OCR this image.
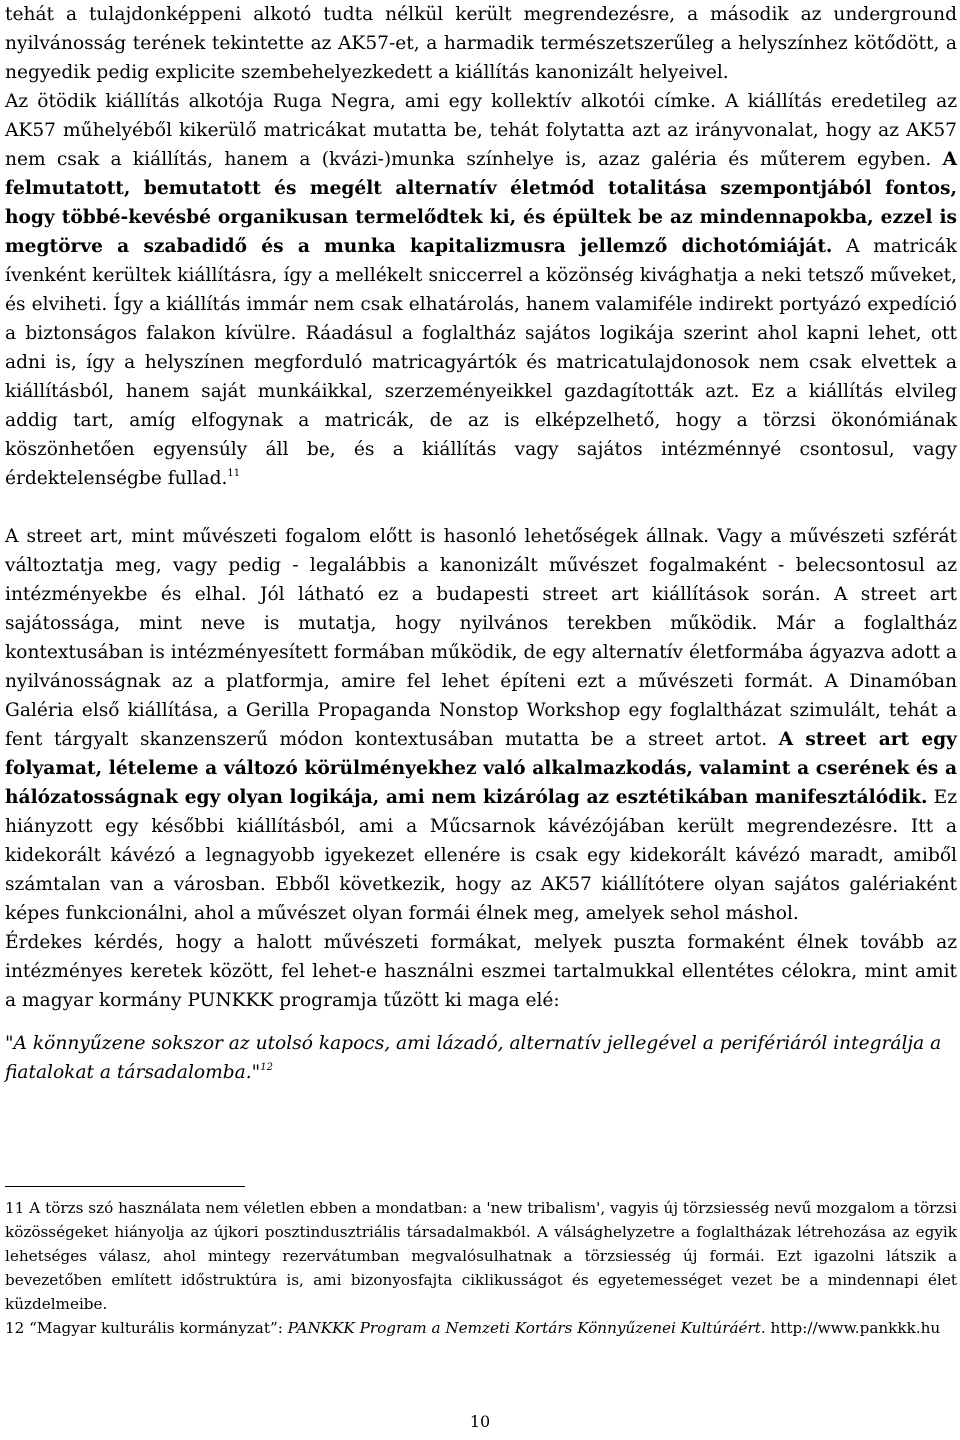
tehát a tulajdonképpeni alkotó tudta nélkül került megrendezésre, a második az underground nyilvánosság terének tekintette az AK57-et, a harmadik természetszerűleg a helyszínhez kötődött, a negyedik pedig explicite szembehelyezkedett a kiállítás kanonizált helyeivel.

Az ötödik kiállítás alkotója Ruga Negra, ami egy kollektív alkotói címke. A kiállítás eredetileg az AK57 műhelyéből kikerülő matricákat mutatta be, tehát folytatta azt az irányvonalat, hogy az AK57 nem csak a kiállítás, hanem a (kvázi-)munka színhelye is, azaz galéria és műterem egyben. A felmutatott, bemutatott és megélt alternatív életmód totalitása szempontjából fontos, hogy többé-kevésbé organikusan termelődtek ki, és épültek be az mindennapokba, ezzel is megtörve a szabadidő és a munka kapitalizmusra jellemző dichotómiáját. A matricák ívenként kerültek kiállításra, így a mellékelt sniccerrel a közönség kivághatja a neki tetsző műveket, és elviheti. Így a kiállítás immár nem csak elhatárolás, hanem valamiféle indirekt portyázó expedíció a biztonságos falakon kívülre. Ráadásul a foglaltház sajátos logikája szerint ahol kapni lehet, ott adni is, így a helyszínen megforduló matricagyártók és matricatulajdonosok nem csak elvettek a kiállításból, hanem saját munkáikkal, szerzeményeikkel gazdagították azt. Ez a kiállítás elvileg addig tart, amíg elfogynak a matricák, de az is elképzelhető, hogy a törzsi ökonómiának köszönhetően egyensúly áll be, és a kiállítás vagy sajátos intézménnyé csontosul, vagy érdektelenségbe fullad.$^{11}$

A street art, mint művészeti fogalom előtt is hasonló lehetőségek állnak. Vagy a művészeti szférát változtatja meg, vagy pedig - legalábbis a kanonizált művészet fogalmaként - belecsontosul az intézményekbe és elhal. Jól látható ez a budapesti street art kiállítások során. A street art sajátossága, mint neve is mutatja, hogy nyilvános terekben működik. Már a foglaltház kontextusában is intézményesített formában működik, de egy alternatív életformába ágyazva adott a nyilvánosságnak az a platformja, amire fel lehet építeni ezt a művészeti formát. A Dinamóban Galéria első kiállítása, a Gerilla Propaganda Nonstop Workshop egy foglaltházat szimulált, tehát a fent tárgyalt skanzenszerű módon kontextusában mutatta be a street artot. A street art egy folyamat, lételeme a változó körülményekhez való alkalmazkodás, valamint a cserének és a hálózatosságnak egy olyan logikája, ami nem kizárólag az esztétikában manifesztálódik. Ez hiányzott egy későbbi kiállításból, ami a Műcsarnok kávézójában került megrendezésre. Itt a kidekorált kávézó a legnagyobb igyekezet ellenére is csak egy kidekorált kávézó maradt, amiből számtalan van a városban. Ebből következik, hogy az AK57 kiállítótere olyan sajátos galériaként képes funkcionálni, ahol a művészet olyan formái élnek meg, amelyek sehol máshol.

Érdekes kérdés, hogy a halott művészeti formákat, melyek puszta formaként élnek tovább az intézményes keretek között, fel lehet-e használni eszmei tartalmukkal ellentétes célokra, mint amit a magyar kormány PUNKKK programja tűzött ki maga elé:

"A könnyűzene sokszor az utolsó kapocs, ami lázadó, alternatív jellegével a perifériáról integrálja a fiatalokat a társadalomba."$^{12}$

11 A törzs szó használata nem véletlen ebben a mondatban: a 'new tribalism', vagyis új törzsiesség nevű mozgalom a törzsi közösségeket hiányolja az újkori posztindusztriális társadalmakból. A válsághelyzetre a foglaltházak létrehozása az egyik lehetséges válasz, ahol mintegy rezervátumban megvalósulhatnak a törzsiesség új formái. Ezt igazolni látszik a bevezetőben említett időstruktúra is, ami bizonyosfajta ciklikusságot és egyetemességet vezet be a mindennapi élet küzdelmeibe.

12 “Magyar kulturális kormányzat”: PANKKK Program a Nemzeti Kortárs Könnyűzenei Kultúráért. http://www.pankkk.hu

10
